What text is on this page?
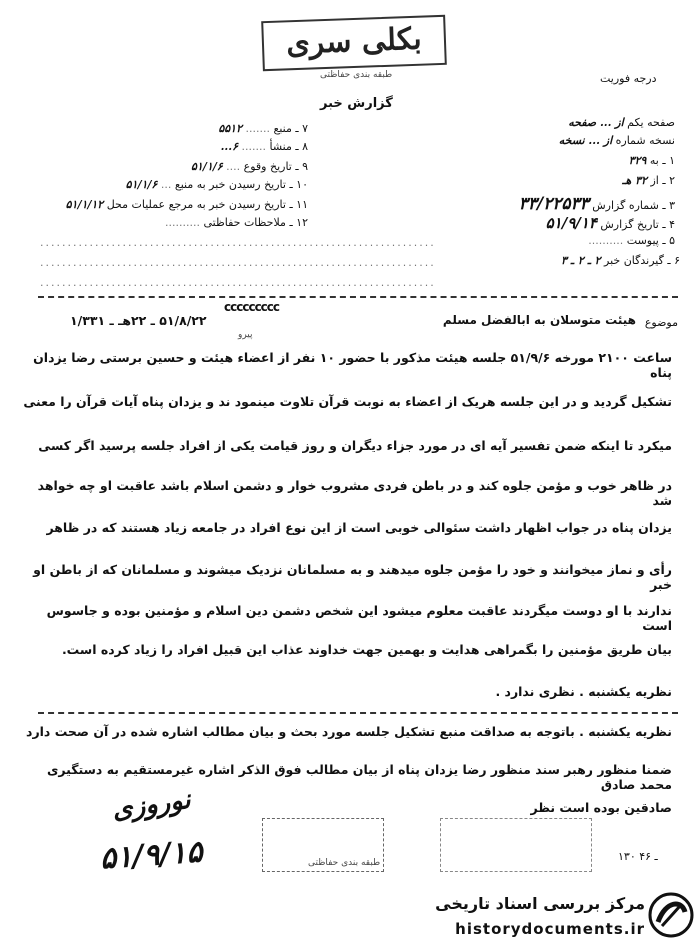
بکلی سری
طبقه بندی حفاظتی	درجه فوریت
گزارش خبر
۷ ـ منبع ....... ۵۵۱۲
۸ ـ منشأ ....... ۶...
۹ ـ تاریخ وقوع .... ۵۱/۱/۶
۱۰ ـ تاریخ رسیدن خبر به منبع ... ۵۱/۱/۶
۱۱ ـ تاریخ رسیدن خبر به مرجع عملیات محل ۵۱/۱/۱۲
۱۲ ـ ملاحظات حفاظتی ..........
........................................................................
........................................................................
........................................................................
صفحه یکم از ... صفحه
نسخه شماره از ... نسخه
۱ ـ به ۳۲۹
۲ ـ از ۳۲ هـ
۳ ـ شماره گزارش ۳۳/۲۲۵۳۳
۴ ـ تاریخ گزارش ۵۱/۹/۱۴
۵ ـ پیوست ..........
۶ ـ گیرندگان خبر ۲ ـ ۲ ـ ۳
موضوع
هیئت متوسلان به ابالفضل مسلم
۵۱/۸/۲۲ ـ ۲۲هـ ـ ۱/۳۳۱
پیرو
ccccccccc
ساعت ۲۱۰۰ مورخه ۵۱/۹/۶ جلسه هیئت مذکور با حضور ۱۰ نفر از اعضاء هیئت و حسین برستی رضا یزدان پناه
تشکیل گردید و در این جلسه هریک از اعضاء به نوبت قرآن تلاوت مینمود ند و یزدان پناه آیات قرآن را معنی
میکرد تا اینکه ضمن تفسیر آیه ای در مورد جزاء دیگران و روز قیامت یکی از افراد جلسه پرسید اگر کسی
در ظاهر خوب و مؤمن جلوه کند و در باطن فردی مشروب خوار و دشمن اسلام باشد عاقبت او چه خواهد شد
یزدان پناه در جواب اظهار داشت سئوالی خوبی است از این نوع افراد در جامعه زیاد هستند که در ظاهر
رأی و نماز میخوانند و خود را مؤمن جلوه میدهند و به مسلمانان نزدیک میشوند و مسلمانان که از باطن او خبر
ندارند با او دوست میگردند عاقبت معلوم میشود این شخص دشمن دین اسلام و مؤمنین بوده و جاسوس است
بیان طریق مؤمنین را بگمراهی هدایت و بهمین جهت خداوند عذاب این قبیل افراد را زیاد کرده است.
نظریه یکشنبه . نظری ندارد .
نظریه یکشنبه . باتوجه به صداقت منبع تشکیل جلسه مورد بحث و بیان مطالب اشاره شده در آن صحت دارد
ضمنا منظور رهبر سند منظور رضا یزدان پناه از بیان مطالب فوق الذکر اشاره غیرمستقیم به دستگیری محمد صادق
صادقین بوده است نظر
نوروزی
۵۱/۹/۱۵	طبقه بندی حفاظتی	۱۳۰ ـ ۴۶
مرکز بررسی اسناد تاریخی
historydocuments.ir
